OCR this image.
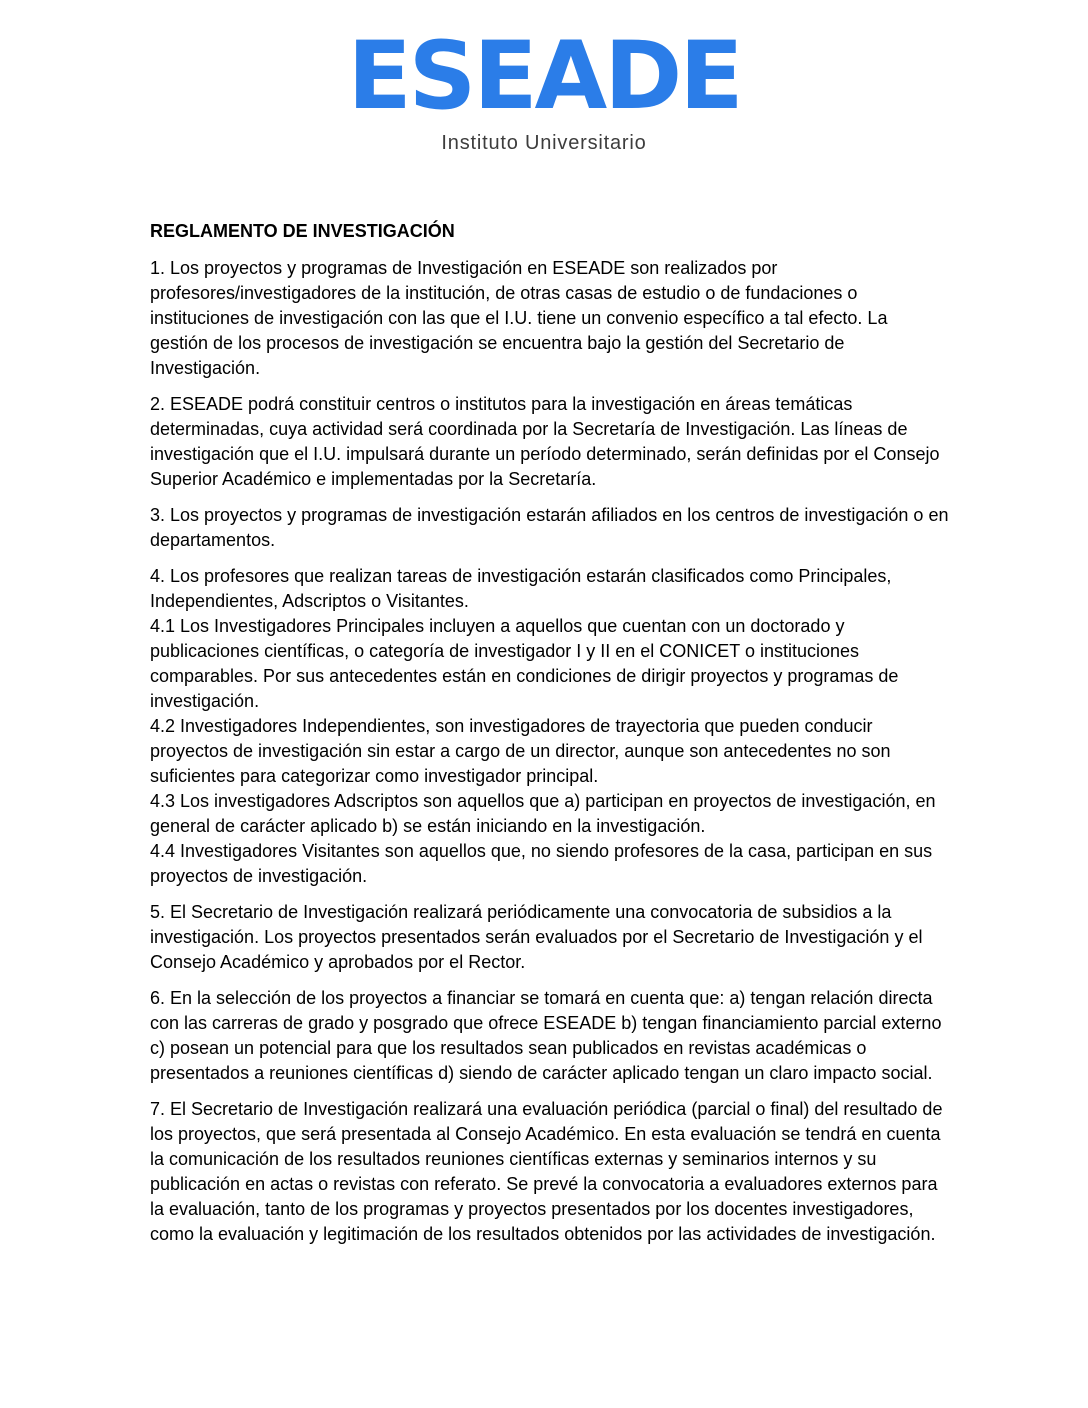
ESEADE
Instituto Universitario
REGLAMENTO DE INVESTIGACIÓN

1. Los proyectos y programas de Investigación en ESEADE son realizados por profesores/investigadores de la institución, de otras casas de estudio o de fundaciones o instituciones de investigación con las que el I.U. tiene un convenio específico a tal efecto. La gestión de los procesos de investigación se encuentra bajo la gestión del Secretario de Investigación.

2. ESEADE podrá constituir centros o institutos para la investigación en áreas temáticas determinadas, cuya actividad será coordinada por la Secretaría de Investigación. Las líneas de investigación que el I.U. impulsará durante un período determinado, serán definidas por el Consejo Superior Académico e implementadas por la Secretaría.

3. Los proyectos y programas de investigación estarán afiliados en los centros de investigación o en departamentos.

4. Los profesores que realizan tareas de investigación estarán clasificados como Principales, Independientes, Adscriptos o Visitantes.

4.1 Los Investigadores Principales incluyen a aquellos que cuentan con un doctorado y publicaciones científicas, o categoría de investigador I y II en el CONICET o instituciones comparables. Por sus antecedentes están en condiciones de dirigir proyectos y programas de investigación.

4.2 Investigadores Independientes, son investigadores de trayectoria que pueden conducir proyectos de investigación sin estar a cargo de un director, aunque son antecedentes no son suficientes para categorizar como investigador principal.

4.3 Los investigadores Adscriptos son aquellos que a) participan en proyectos de investigación, en general de carácter aplicado b) se están iniciando en la investigación.

4.4 Investigadores Visitantes son aquellos que, no siendo profesores de la casa, participan en sus proyectos de investigación.

5. El Secretario de Investigación realizará periódicamente una convocatoria de subsidios a la investigación. Los proyectos presentados serán evaluados por el Secretario de Investigación y el Consejo Académico y aprobados por el Rector.

6. En la selección de los proyectos a financiar se tomará en cuenta que: a) tengan relación directa con las carreras de grado y posgrado que ofrece ESEADE b) tengan financiamiento parcial externo c) posean un potencial para que los resultados sean publicados en revistas académicas o presentados a reuniones científicas d) siendo de carácter aplicado tengan un claro impacto social.

7. El Secretario de Investigación realizará una evaluación periódica (parcial o final) del resultado de los proyectos, que será presentada al Consejo Académico. En esta evaluación se tendrá en cuenta la comunicación de los resultados reuniones científicas externas y seminarios internos y su publicación en actas o revistas con referato. Se prevé la convocatoria a evaluadores externos para la evaluación, tanto de los programas y proyectos presentados por los docentes investigadores, como la evaluación y legitimación de los resultados obtenidos por las actividades de investigación.
